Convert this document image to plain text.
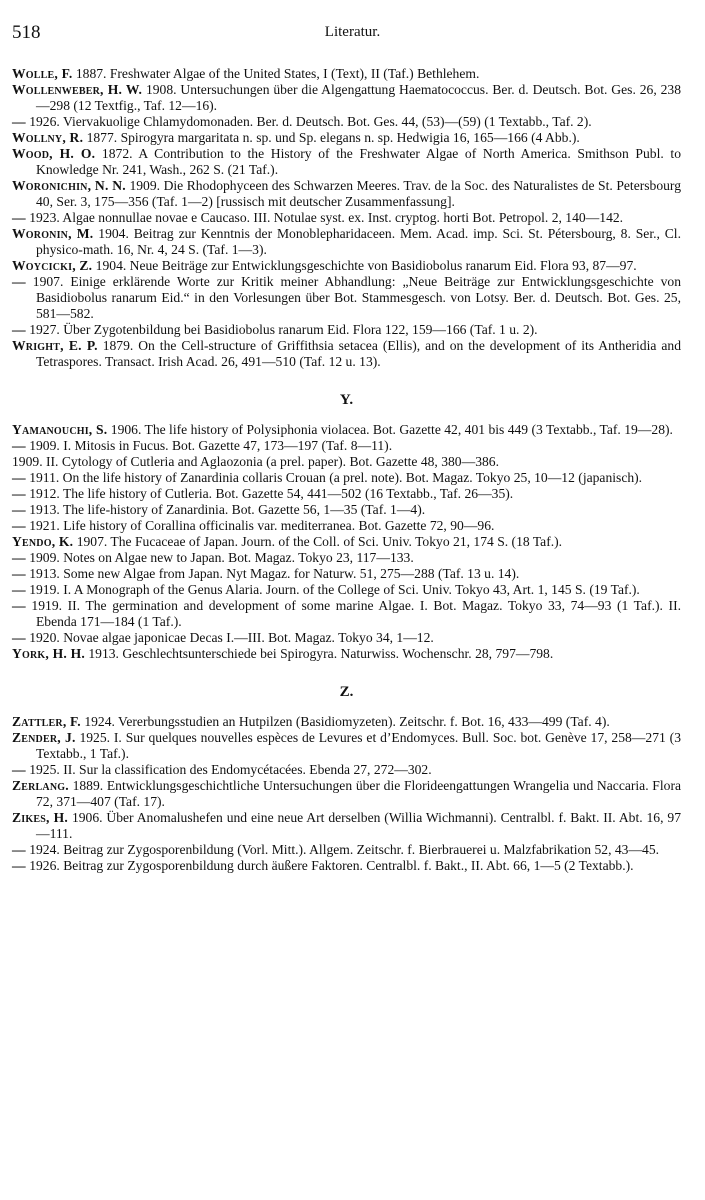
518	Literatur.

Wolle, F. 1887. Freshwater Algae of the United States, I (Text), II (Taf.) Bethlehem.

Wollenweber, H. W. 1908. Untersuchungen über die Algengattung Haematococcus. Ber. d. Deutsch. Bot. Ges. 26, 238—298 (12 Textfig., Taf. 12—16).

— 1926. Viervakuolige Chlamydomonaden. Ber. d. Deutsch. Bot. Ges. 44, (53)—(59) (1 Textabb., Taf. 2).

Wollny, R. 1877. Spirogyra margaritata n. sp. und Sp. elegans n. sp. Hedwigia 16, 165—166 (4 Abb.).

Wood, H. O. 1872. A Contribution to the History of the Freshwater Algae of North America. Smithson Publ. to Knowledge Nr. 241, Wash., 262 S. (21 Taf.).

Woronichin, N. N. 1909. Die Rhodophyceen des Schwarzen Meeres. Trav. de la Soc. des Naturalistes de St. Petersbourg 40, Ser. 3, 175—356 (Taf. 1—2) [russisch mit deutscher Zusammenfassung].

— 1923. Algae nonnullae novae e Caucaso. III. Notulae syst. ex. Inst. cryptog. horti Bot. Petropol. 2, 140—142.

Woronin, M. 1904. Beitrag zur Kenntnis der Monoblepharidaceen. Mem. Acad. imp. Sci. St. Pétersbourg, 8. Ser., Cl. physico-math. 16, Nr. 4, 24 S. (Taf. 1—3).

Woycicki, Z. 1904. Neue Beiträge zur Entwicklungsgeschichte von Basidiobolus ranarum Eid. Flora 93, 87—97.

— 1907. Einige erklärende Worte zur Kritik meiner Abhandlung: „Neue Beiträge zur Entwicklungsgeschichte von Basidiobolus ranarum Eid.“ in den Vorlesungen über Bot. Stammesgesch. von Lotsy. Ber. d. Deutsch. Bot. Ges. 25, 581—582.

— 1927. Über Zygotenbildung bei Basidiobolus ranarum Eid. Flora 122, 159—166 (Taf. 1 u. 2).

Wright, E. P. 1879. On the Cell-structure of Griffithsia setacea (Ellis), and on the development of its Antheridia and Tetraspores. Transact. Irish Acad. 26, 491—510 (Taf. 12 u. 13).

Y.

Yamanouchi, S. 1906. The life history of Polysiphonia violacea. Bot. Gazette 42, 401 bis 449 (3 Textabb., Taf. 19—28).

— 1909. I. Mitosis in Fucus. Bot. Gazette 47, 173—197 (Taf. 8—11).

1909. II. Cytology of Cutleria and Aglaozonia (a prel. paper). Bot. Gazette 48, 380—386.

— 1911. On the life history of Zanardinia collaris Crouan (a prel. note). Bot. Magaz. Tokyo 25, 10—12 (japanisch).

— 1912. The life history of Cutleria. Bot. Gazette 54, 441—502 (16 Textabb., Taf. 26—35).

— 1913. The life-history of Zanardinia. Bot. Gazette 56, 1—35 (Taf. 1—4).

— 1921. Life history of Corallina officinalis var. mediterranea. Bot. Gazette 72, 90—96.

Yendo, K. 1907. The Fucaceae of Japan. Journ. of the Coll. of Sci. Univ. Tokyo 21, 174 S. (18 Taf.).

— 1909. Notes on Algae new to Japan. Bot. Magaz. Tokyo 23, 117—133.

— 1913. Some new Algae from Japan. Nyt Magaz. for Naturw. 51, 275—288 (Taf. 13 u. 14).

— 1919. I. A Monograph of the Genus Alaria. Journ. of the College of Sci. Univ. Tokyo 43, Art. 1, 145 S. (19 Taf.).

— 1919. II. The germination and development of some marine Algae. I. Bot. Magaz. Tokyo 33, 74—93 (1 Taf.). II. Ebenda 171—184 (1 Taf.).

— 1920. Novae algae japonicae Decas I.—III. Bot. Magaz. Tokyo 34, 1—12.

York, H. H. 1913. Geschlechtsunterschiede bei Spirogyra. Naturwiss. Wochenschr. 28, 797—798.

Z.

Zattler, F. 1924. Vererbungsstudien an Hutpilzen (Basidiomyzeten). Zeitschr. f. Bot. 16, 433—499 (Taf. 4).

Zender, J. 1925. I. Sur quelques nouvelles espèces de Levures et d’Endomyces. Bull. Soc. bot. Genève 17, 258—271 (3 Textabb., 1 Taf.).

— 1925. II. Sur la classification des Endomycétacées. Ebenda 27, 272—302.

Zerlang. 1889. Entwicklungsgeschichtliche Untersuchungen über die Florideengattungen Wrangelia und Naccaria. Flora 72, 371—407 (Taf. 17).

Zikes, H. 1906. Über Anomalushefen und eine neue Art derselben (Willia Wichmanni). Centralbl. f. Bakt. II. Abt. 16, 97—111.

— 1924. Beitrag zur Zygosporenbildung (Vorl. Mitt.). Allgem. Zeitschr. f. Bierbrauerei u. Malzfabrikation 52, 43—45.

— 1926. Beitrag zur Zygosporenbildung durch äußere Faktoren. Centralbl. f. Bakt., II. Abt. 66, 1—5 (2 Textabb.).
